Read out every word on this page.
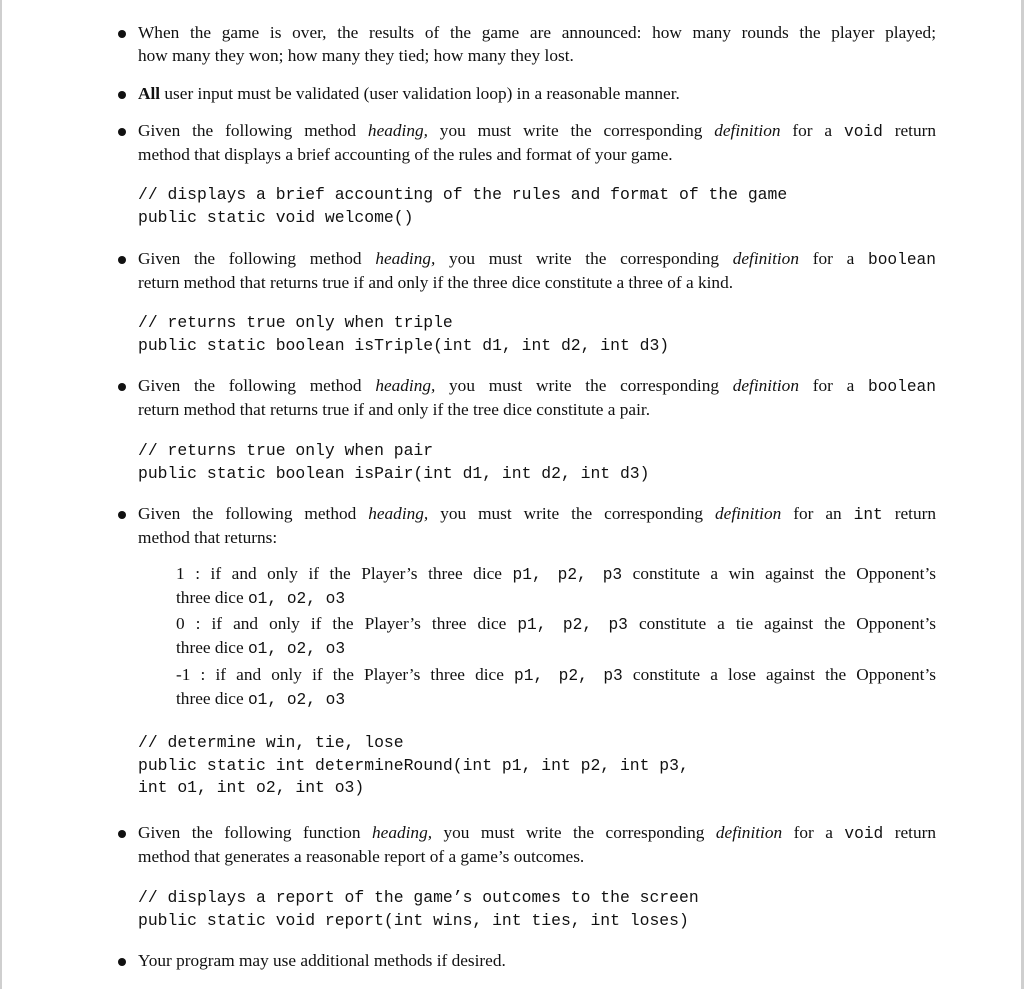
When the game is over, the results of the game are announced: how many rounds the player played;
how many they won; how many they tied; how many they lost.
All user input must be validated (user validation loop) in a reasonable manner.
Given the following method heading, you must write the corresponding definition for a void return
method that displays a brief accounting of the rules and format of your game.
// displays a brief accounting of the rules and format of the game
public static void welcome()
Given the following method heading, you must write the corresponding definition for a boolean
return method that returns true if and only if the three dice constitute a three of a kind.
// returns true only when triple
public static boolean isTriple(int d1, int d2, int d3)
Given the following method heading, you must write the corresponding definition for a boolean
return method that returns true if and only if the tree dice constitute a pair.
// returns true only when pair
public static boolean isPair(int d1, int d2, int d3)
Given the following method heading, you must write the corresponding definition for an int return
method that returns:
1 : if and only if the Player’s three dice p1, p2, p3 constitute a win against the Opponent’s
three dice o1, o2, o3
0 : if and only if the Player’s three dice p1, p2, p3 constitute a tie against the Opponent’s
three dice o1, o2, o3
-1 : if and only if the Player’s three dice p1, p2, p3 constitute a lose against the Opponent’s
three dice o1, o2, o3
// determine win, tie, lose
public static int determineRound(int p1, int p2, int p3,
int o1, int o2, int o3)
Given the following function heading, you must write the corresponding definition for a void return
method that generates a reasonable report of a game’s outcomes.
// displays a report of the game’s outcomes to the screen
public static void report(int wins, int ties, int loses)
Your program may use additional methods if desired.
